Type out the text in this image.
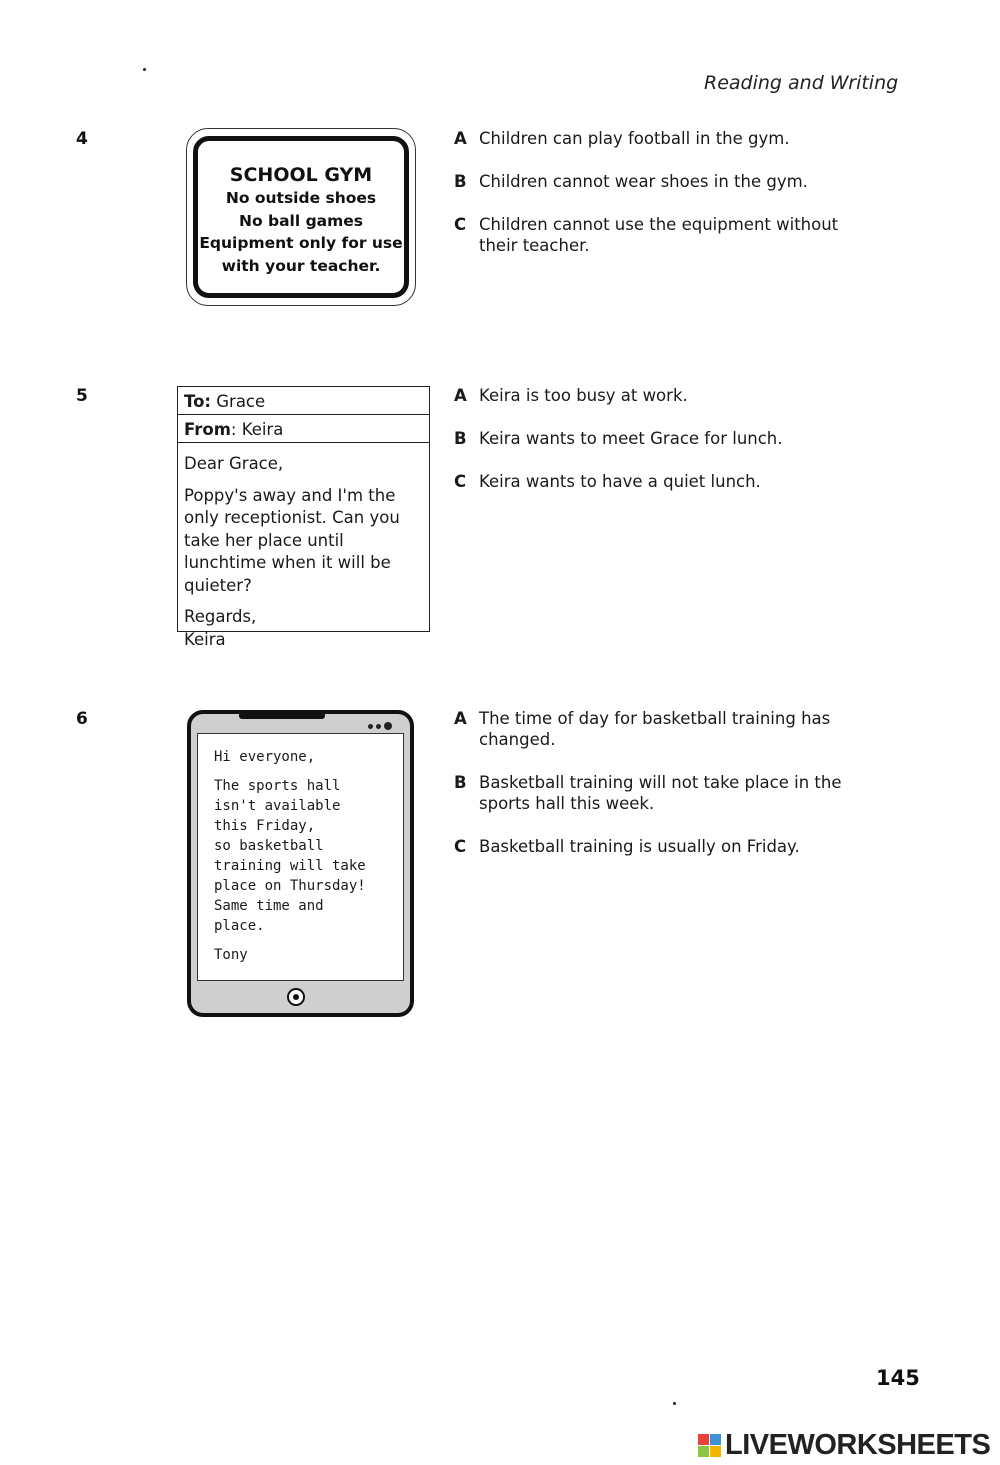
Reading and Writing
4
SCHOOL GYM
No outside shoes
No ball games
Equipment only for use
with your teacher.
A Children can play football in the gym.
B Children cannot wear shoes in the gym.
C Children cannot use the equipment without their teacher.
5	To: Grace
From: Keira

Dear Grace,

Poppy's away and I'm the only receptionist. Can you take her place until lunchtime when it will be quieter?

Regards,
Keira
A Keira is too busy at work.
B Keira wants to meet Grace for lunch.
C Keira wants to have a quiet lunch.
6

Hi everyone,

The sports hall
isn't available
this Friday,
so basketball
training will take
place on Thursday!
Same time and
place.

Tony

A The time of day for basketball training has changed.
B Basketball training will not take place in the sports hall this week.
C Basketball training is usually on Friday.
145
LIVEWORKSHEETS
